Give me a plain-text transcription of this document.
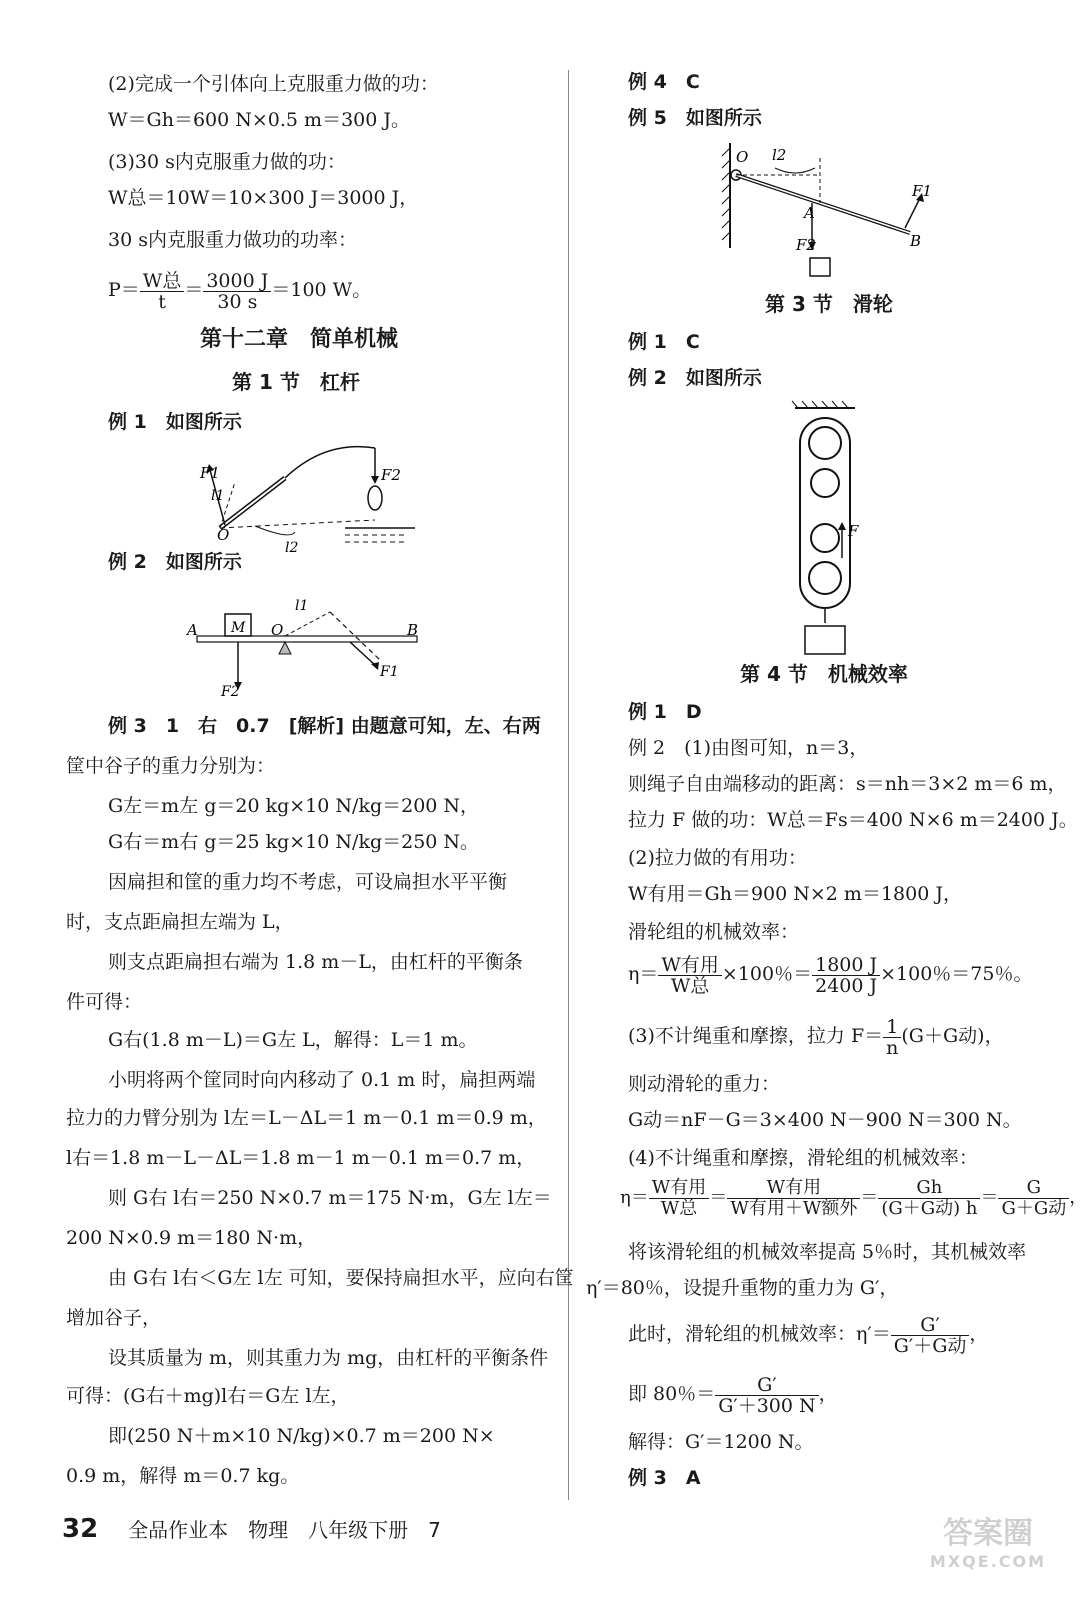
(2)完成一个引体向上克服重力做的功：
W＝Gh＝600 N×0.5 m＝300 J。
(3)30 s内克服重力做的功：
W总＝10W＝10×300 J＝3000 J，
30 s内克服重力做功的功率：
$P= \frac{\text{W总}}{t} = \frac{3000 J}{30 s} =100$ W。
第十二章　简单机械
第 1 节　杠杆
例 1　如图所示
F1	F2
l1
l2
O
例 2　如图所示
A M O	B
l1
F1
F2
例 3　1　右　0.7　[解析] 由题意可知，左、右两
筐中谷子的重力分别为：
G左＝m左 g＝20 kg×10 N/kg＝200 N，
G右＝m右 g＝25 kg×10 N/kg＝250 N。
因扁担和筐的重力均不考虑，可设扁担水平平衡
时，支点距扁担左端为 L，
则支点距扁担右端为 1.8 m－L，由杠杆的平衡条
件可得：
G右(1.8 m－L)＝G左 L，解得：L＝1 m。
小明将两个筐同时向内移动了 0.1 m 时，扁担两端
拉力的力臂分别为 l左＝L－ΔL＝1 m－0.1 m＝0.9 m，
l右＝1.8 m－L－ΔL＝1.8 m－1 m－0.1 m＝0.7 m，
则 G右 l右＝250 N×0.7 m＝175 N·m，G左 l左＝
200 N×0.9 m＝180 N·m，
由 G右 l右＜G左 l左 可知，要保持扁担水平，应向右筐
增加谷子，
设其质量为 m，则其重力为 mg，由杠杆的平衡条件
可得：(G右＋mg)l右＝G左 l左，
即(250 N＋m×10 N/kg)×0.7 m＝200 N×
0.9 m，解得 m＝0.7 kg。
例 4　C
例 5　如图所示
O l2
A
F1
F2	B
第 3 节　滑轮
例 1　C
例 2　如图所示
F
第 4 节　机械效率
例 1　D
例 2　(1)由图可知，n＝3，
则绳子自由端移动的距离：s＝nh＝3×2 m＝6 m，
拉力 F 做的功：W总＝Fs＝400 N×6 m＝2400 J。
(2)拉力做的有用功：
W有用＝Gh＝900 N×2 m＝1800 J，
滑轮组的机械效率：
$\eta= \frac{\text{W有用}}{\text{W总}} \times 100$％＝ $\frac{1800 J}{2400 J} \times 100$％＝75％。
(3)不计绳重和摩擦，拉力 $F= \frac{1}{n} (G+G$动)，
则动滑轮的重力：
G动＝nF－G＝3×400 N－900 N＝300 N。
(4)不计绳重和摩擦，滑轮组的机械效率：
$\eta= \frac{\text{W有用}}{\text{W总}} = \frac{\text{W有用}}{\text{W有用＋W额外}} = \frac{Gh}{\text{(G＋G动) h}} = \frac{G}{\text{G＋G动}}$ ，
将该滑轮组的机械效率提高 5％时，其机械效率
η′＝80％，设提升重物的重力为 G′，
此时，滑轮组的机械效率：$\eta'= \frac{G'}{\text{G′＋G动}}$ ，
即 80％＝ $\frac{G'}{G'+300 N}$ ，
解得：G′＝1200 N。
例 3　A
32 全品作业本　物理　八年级下册　7	答案圈
MXQE.COM
